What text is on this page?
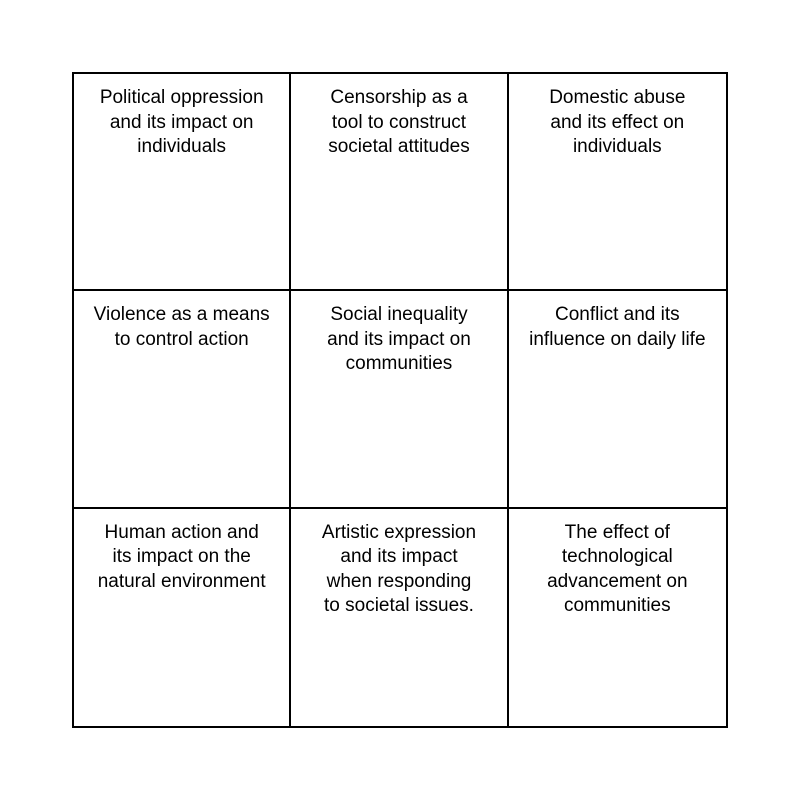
Political oppression
and its impact on
individuals
Censorship as a
tool to construct
societal attitudes
Domestic abuse
and its effect on
individuals
Violence as a means
to control action
Social inequality
and its impact on
communities
Conflict and its
influence on daily life
Human action and
its impact on the
natural environment
Artistic expression
and its impact
when responding
to societal issues.
The effect of
technological
advancement on
communities
